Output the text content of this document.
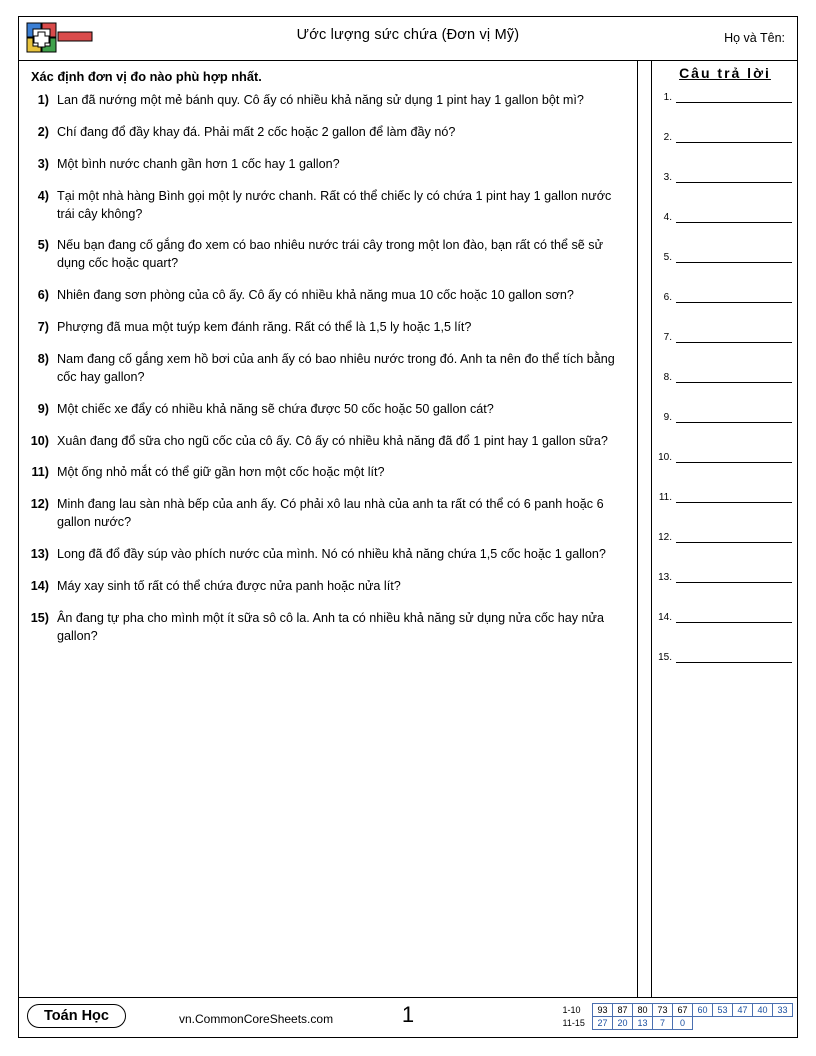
Ước lượng sức chứa (Đơn vị Mỹ)	Họ và Tên:
Xác định đơn vị đo nào phù hợp nhất.
1) Lan đã nướng một mẻ bánh quy. Cô ấy có nhiều khả năng sử dụng 1 pint hay 1 gallon bột mì?
2) Chí đang đổ đầy khay đá. Phải mất 2 cốc hoặc 2 gallon để làm đầy nó?
3) Một bình nước chanh gần hơn 1 cốc hay 1 gallon?
4) Tại một nhà hàng Bình gọi một ly nước chanh. Rất có thể chiếc ly có chứa 1 pint hay 1 gallon nước trái cây không?
5) Nếu bạn đang cố gắng đo xem có bao nhiêu nước trái cây trong một lon đào, bạn rất có thể sẽ sử dụng cốc hoặc quart?
6) Nhiên đang sơn phòng của cô ấy. Cô ấy có nhiều khả năng mua 10 cốc hoặc 10 gallon sơn?
7) Phượng đã mua một tuýp kem đánh răng. Rất có thể là 1,5 ly hoặc 1,5 lít?
8) Nam đang cố gắng xem hồ bơi của anh ấy có bao nhiêu nước trong đó. Anh ta nên đo thể tích bằng cốc hay gallon?
9) Một chiếc xe đẩy có nhiều khả năng sẽ chứa được 50 cốc hoặc 50 gallon cát?
10) Xuân đang đổ sữa cho ngũ cốc của cô ấy. Cô ấy có nhiều khả năng đã đổ 1 pint hay 1 gallon sữa?
11) Một ống nhỏ mắt có thể giữ gần hơn một cốc hoặc một lít?
12) Minh đang lau sàn nhà bếp của anh ấy. Có phải xô lau nhà của anh ta rất có thể có 6 panh hoặc 6 gallon nước?
13) Long đã đổ đầy súp vào phích nước của mình. Nó có nhiều khả năng chứa 1,5 cốc hoặc 1 gallon?
14) Máy xay sinh tố rất có thể chứa được nửa panh hoặc nửa lít?
15) Ân đang tự pha cho mình một ít sữa sô cô la. Anh ta có nhiều khả năng sử dụng nửa cốc hay nửa gallon?
Câu trả lời
1.
2.
3.
4.
5.
6.
7.
8.
9.
10.
11.
12.
13.
14.
15.
Toán Học	vn.CommonCoreSheets.com	1	1-10	93	87	80	73	67	60	53	47	40	33
11-15	27	20	13	7	0					
